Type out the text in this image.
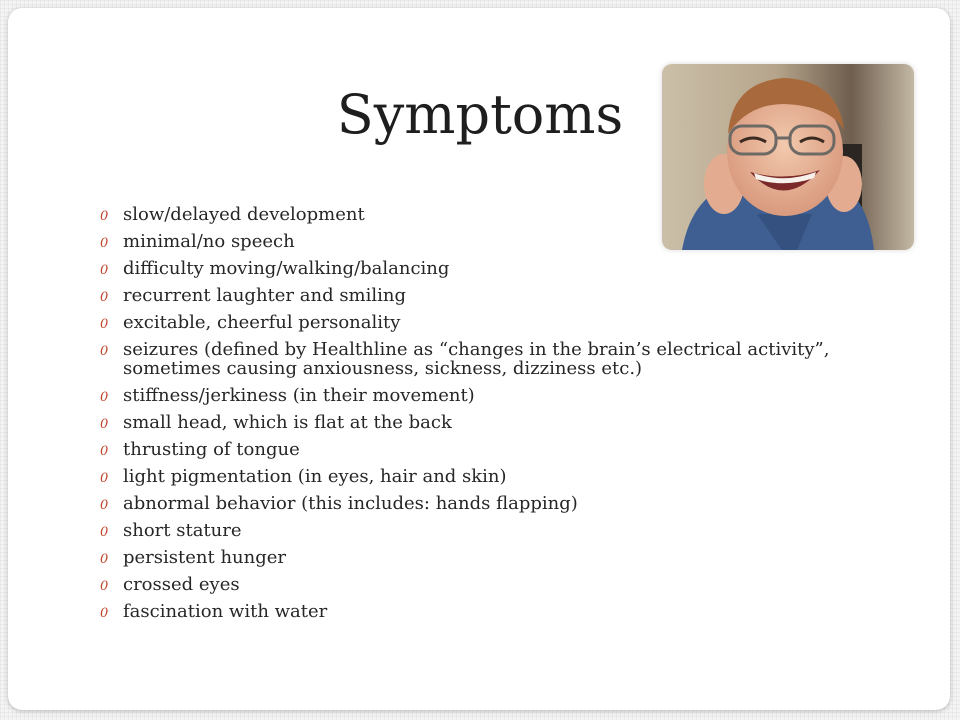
Symptoms
0 slow/delayed development
0 minimal/no speech
0 difficulty moving/walking/balancing
0 recurrent laughter and smiling
0 excitable, cheerful personality
0 seizures (defined by Healthline as “changes in the brain’s electrical activity”, sometimes causing anxiousness, sickness, dizziness etc.)
0 stiffness/jerkiness (in their movement)
0 small head, which is flat at the back
0 thrusting of tongue
0 light pigmentation (in eyes, hair and skin)
0 abnormal behavior (this includes: hands flapping)
0 short stature
0 persistent hunger
0 crossed eyes
0 fascination with water
